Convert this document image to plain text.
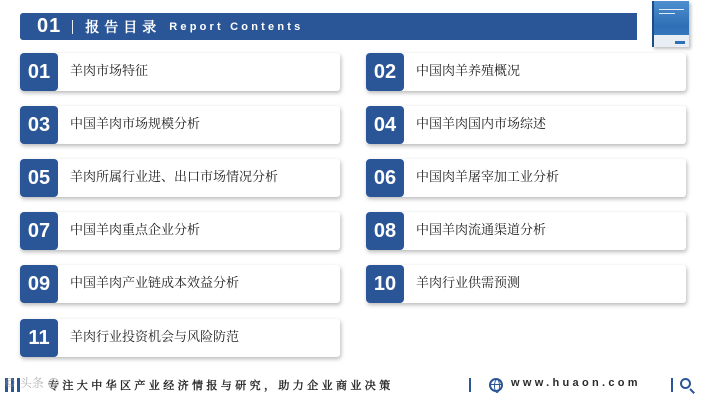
01 报告目录 Report Contents
01	羊肉市场特征
03	中国羊肉市场规模分析
05	羊肉所属行业进、出口市场情况分析
07	中国羊肉重点企业分析
09	中国羊肉产业链成本效益分析
11	羊肉行业投资机会与风险防范
02	中国肉羊养殖概况
04	中国羊肉国内市场综述
06	中国肉羊屠宰加工业分析
08	中国羊肉流通渠道分析
10	羊肉行业供需预测
专注大中华区产业经济情报与研究，助力企业商业决策	www.huaon.com
© 头条 @
